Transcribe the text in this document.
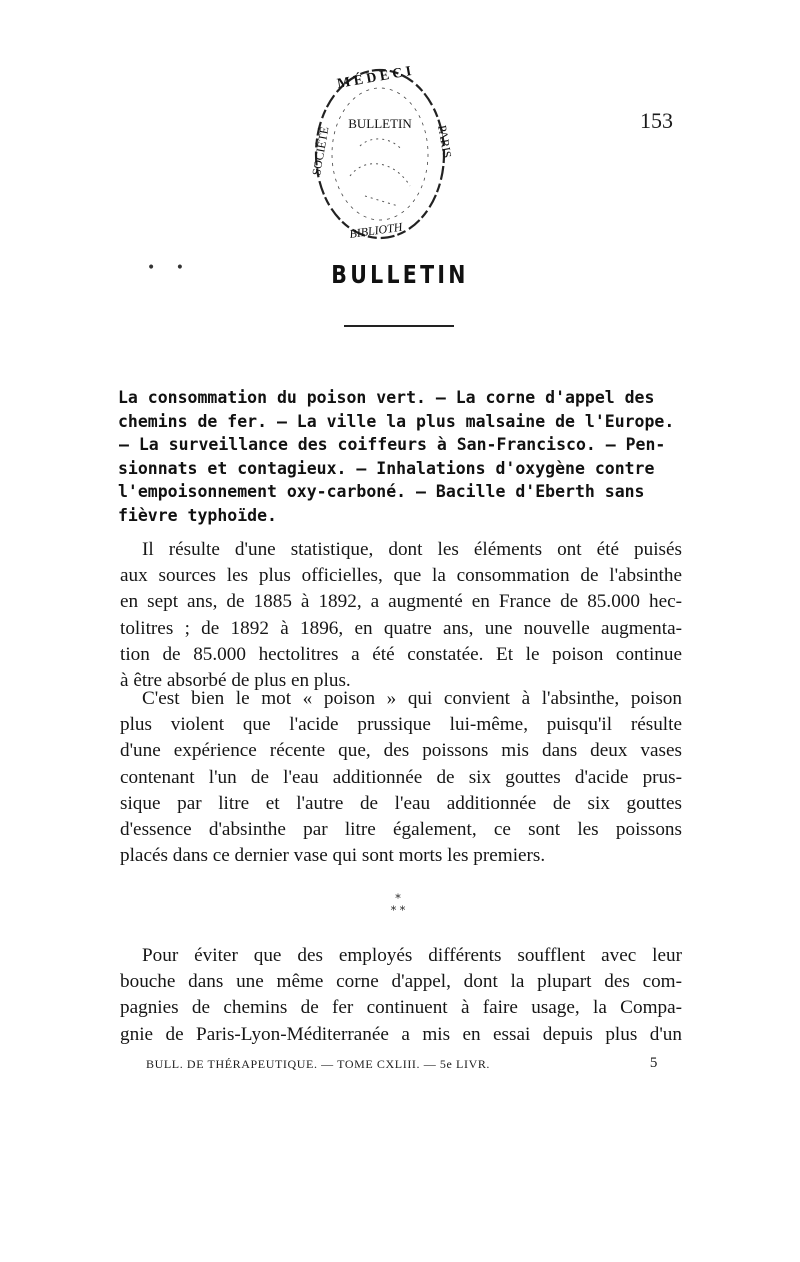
BULLETIN
M É D E C I
SOCIÉTÉ	PARIS
BIBLIOTH
153
• •	BULLETIN
La consommation du poison vert. — La corne d'appel des
chemins de fer. — La ville la plus malsaine de l'Europe.
— La surveillance des coiffeurs à San-Francisco. — Pen-
sionnats et contagieux. — Inhalations d'oxygène contre
l'empoisonnement oxy-carboné. — Bacille d'Eberth sans
fièvre typhoïde.
Il résulte d'une statistique, dont les éléments ont été puisés
aux sources les plus officielles, que la consommation de l'absinthe
en sept ans, de 1885 à 1892, a augmenté en France de 85.000 hec-
tolitres ; de 1892 à 1896, en quatre ans, une nouvelle augmenta-
tion de 85.000 hectolitres a été constatée. Et le poison continue
à être absorbé de plus en plus.
C'est bien le mot « poison » qui convient à l'absinthe, poison
plus violent que l'acide prussique lui-même, puisqu'il résulte
d'une expérience récente que, des poissons mis dans deux vases
contenant l'un de l'eau additionnée de six gouttes d'acide prus-
sique par litre et l'autre de l'eau additionnée de six gouttes
d'essence d'absinthe par litre également, ce sont les poissons
placés dans ce dernier vase qui sont morts les premiers.
*
* *
Pour éviter que des employés différents soufflent avec leur
bouche dans une même corne d'appel, dont la plupart des com-
pagnies de chemins de fer continuent à faire usage, la Compa-
gnie de Paris-Lyon-Méditerranée a mis en essai depuis plus d'un
BULL. DE THÉRAPEUTIQUE. — TOME CXLIII. — 5e LIVR.	5
